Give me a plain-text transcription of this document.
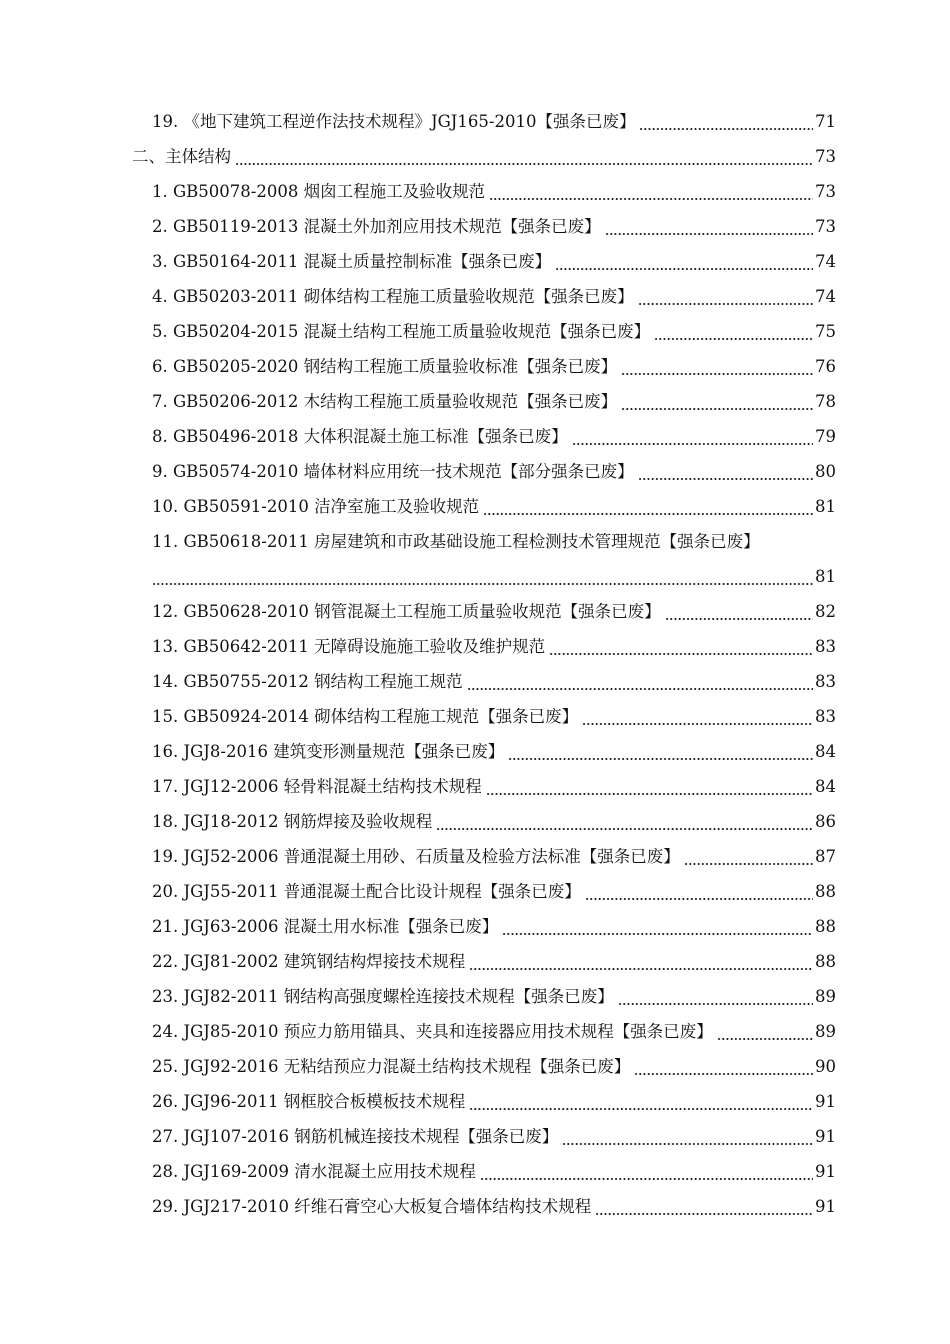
19. 《地下建筑工程逆作法技术规程》JGJ165-2010【强条已废】	71
二、主体结构	73
1. GB50078-2008 烟囱工程施工及验收规范	73
2. GB50119-2013 混凝土外加剂应用技术规范【强条已废】	73
3. GB50164-2011 混凝土质量控制标准【强条已废】	74
4. GB50203-2011 砌体结构工程施工质量验收规范【强条已废】	74
5. GB50204-2015 混凝土结构工程施工质量验收规范【强条已废】	75
6. GB50205-2020 钢结构工程施工质量验收标准【强条已废】	76
7. GB50206-2012 木结构工程施工质量验收规范【强条已废】	78
8. GB50496-2018 大体积混凝土施工标准【强条已废】	79
9. GB50574-2010 墙体材料应用统一技术规范【部分强条已废】	80
10. GB50591-2010 洁净室施工及验收规范	81
11. GB50618-2011 房屋建筑和市政基础设施工程检测技术管理规范【强条已废】
81
12. GB50628-2010 钢管混凝土工程施工质量验收规范【强条已废】	82
13. GB50642-2011 无障碍设施施工验收及维护规范	83
14. GB50755-2012 钢结构工程施工规范	83
15. GB50924-2014 砌体结构工程施工规范【强条已废】	83
16. JGJ8-2016 建筑变形测量规范【强条已废】	84
17. JGJ12-2006 轻骨料混凝土结构技术规程	84
18. JGJ18-2012 钢筋焊接及验收规程	86
19. JGJ52-2006 普通混凝土用砂、石质量及检验方法标准【强条已废】	87
20. JGJ55-2011 普通混凝土配合比设计规程【强条已废】	88
21. JGJ63-2006 混凝土用水标准【强条已废】	88
22. JGJ81-2002 建筑钢结构焊接技术规程	88
23. JGJ82-2011 钢结构高强度螺栓连接技术规程【强条已废】	89
24. JGJ85-2010 预应力筋用锚具、夹具和连接器应用技术规程【强条已废】	89
25. JGJ92-2016 无粘结预应力混凝土结构技术规程【强条已废】	90
26. JGJ96-2011 钢框胶合板模板技术规程	91
27. JGJ107-2016 钢筋机械连接技术规程【强条已废】	91
28. JGJ169-2009 清水混凝土应用技术规程	91
29. JGJ217-2010 纤维石膏空心大板复合墙体结构技术规程	91
